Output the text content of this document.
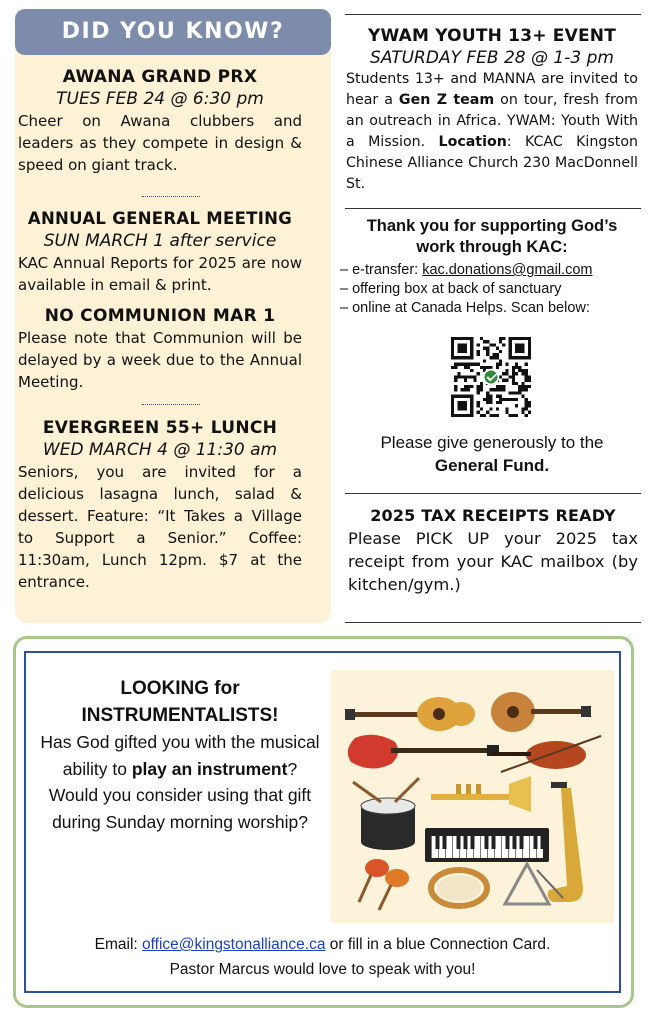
DID YOU KNOW?
AWANA GRAND PRX
TUES FEB 24 @ 6:30 pm
Cheer on Awana clubbers and leaders as they compete in design & speed on giant track.
ANNUAL GENERAL MEETING
SUN MARCH 1 after service
KAC Annual Reports for 2025 are now available in email & print.
NO COMMUNION MAR 1
Please note that Communion will be delayed by a week due to the Annual Meeting.
EVERGREEN 55+ LUNCH
WED MARCH 4 @ 11:30 am
Seniors, you are invited for a delicious lasagna lunch, salad & dessert. Feature: “It Takes a Village to Support a Senior.” Coffee: 11:30am, Lunch 12pm. $7 at the entrance.
YWAM YOUTH 13+ EVENT
SATURDAY FEB 28 @ 1-3 pm
Students 13+ and MANNA are invited to hear a Gen Z team on tour, fresh from an outreach in Africa. YWAM: Youth With a Mission. Location: KCAC Kingston Chinese Alliance Church 230 MacDonnell St.
Thank you for supporting God’s work through KAC:
– e-transfer: kac.donations@gmail.com
– offering box at back of sanctuary
– online at Canada Helps. Scan below:
Please give generously to the
General Fund.
2025 TAX RECEIPTS READY
Please PICK UP your 2025 tax receipt from your KAC mailbox (by kitchen/gym.)
LOOKING for
INSTRUMENTALISTS!
Has God gifted you with the musical ability to play an instrument?
Would you consider using that gift during Sunday morning worship?
Email: office@kingstonalliance.ca or fill in a blue Connection Card.
Pastor Marcus would love to speak with you!
